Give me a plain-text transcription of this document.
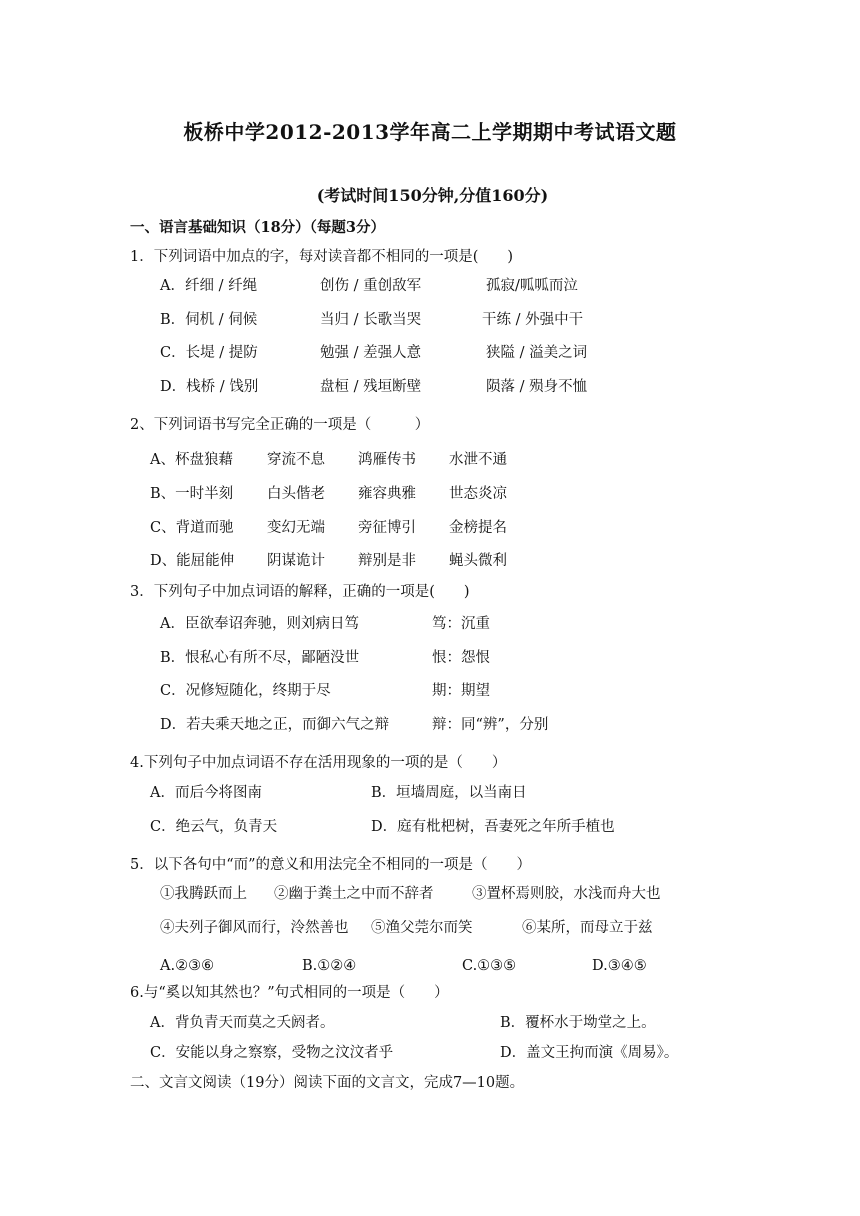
板桥中学2012-2013学年高二上学期期中考试语文题
(考试时间150分钟,分值160分)
一、语言基础知识（18分）（每题3分）
1．下列词语中加点的字，每对读音都不相同的一项是(　　)
A．纤细 / 纤绳	创伤 / 重创敌军	孤寂/呱呱而泣
B．伺机 / 伺候	当归 / 长歌当哭	干练 / 外强中干
C．长堤 / 提防	勉强 / 差强人意	狭隘 / 溢美之词
D．栈桥 / 饯别	盘桓 / 残垣断壁	陨落 / 殒身不恤
2、下列词语书写完全正确的一项是（　　　）
A、杯盘狼藉 穿流不息 鸿雁传书 水泄不通
B、一时半刻 白头偕老 雍容典雅 世态炎凉
C、背道而驰 变幻无端 旁征博引 金榜提名
D、能屈能伸 阴谋诡计 辩别是非 蝇头微利
3．下列句子中加点词语的解释，正确的一项是(　　)
A．臣欲奉诏奔驰，则刘病日笃	笃：沉重
B．恨私心有所不尽，鄙陋没世	恨：怨恨
C．况修短随化，终期于尽	期：期望
D．若夫乘天地之正，而御六气之辩	辩：同“辨”，分别
4.下列句子中加点词语不存在活用现象的一项的是（　　）
A．而后今将图南	B．垣墙周庭，以当南日
C．绝云气，负青天	D．庭有枇杷树，吾妻死之年所手植也
5．以下各句中“而”的意义和用法完全不相同的一项是（　　）
①我腾跃而上 ②幽于粪土之中而不辞者	③置杯焉则胶，水浅而舟大也
④夫列子御风而行，泠然善也 ⑤渔父莞尔而笑	⑥某所，而母立于兹
A.②③⑥	B.①②④	C.①③⑤	D.③④⑤
6.与“奚以知其然也？”句式相同的一项是（　　）
A．背负青天而莫之夭阏者。	B．覆杯水于坳堂之上。
C．安能以身之察察，受物之汶汶者乎	D．盖文王拘而演《周易》。
二、文言文阅读（19分）阅读下面的文言文，完成7—10题。
